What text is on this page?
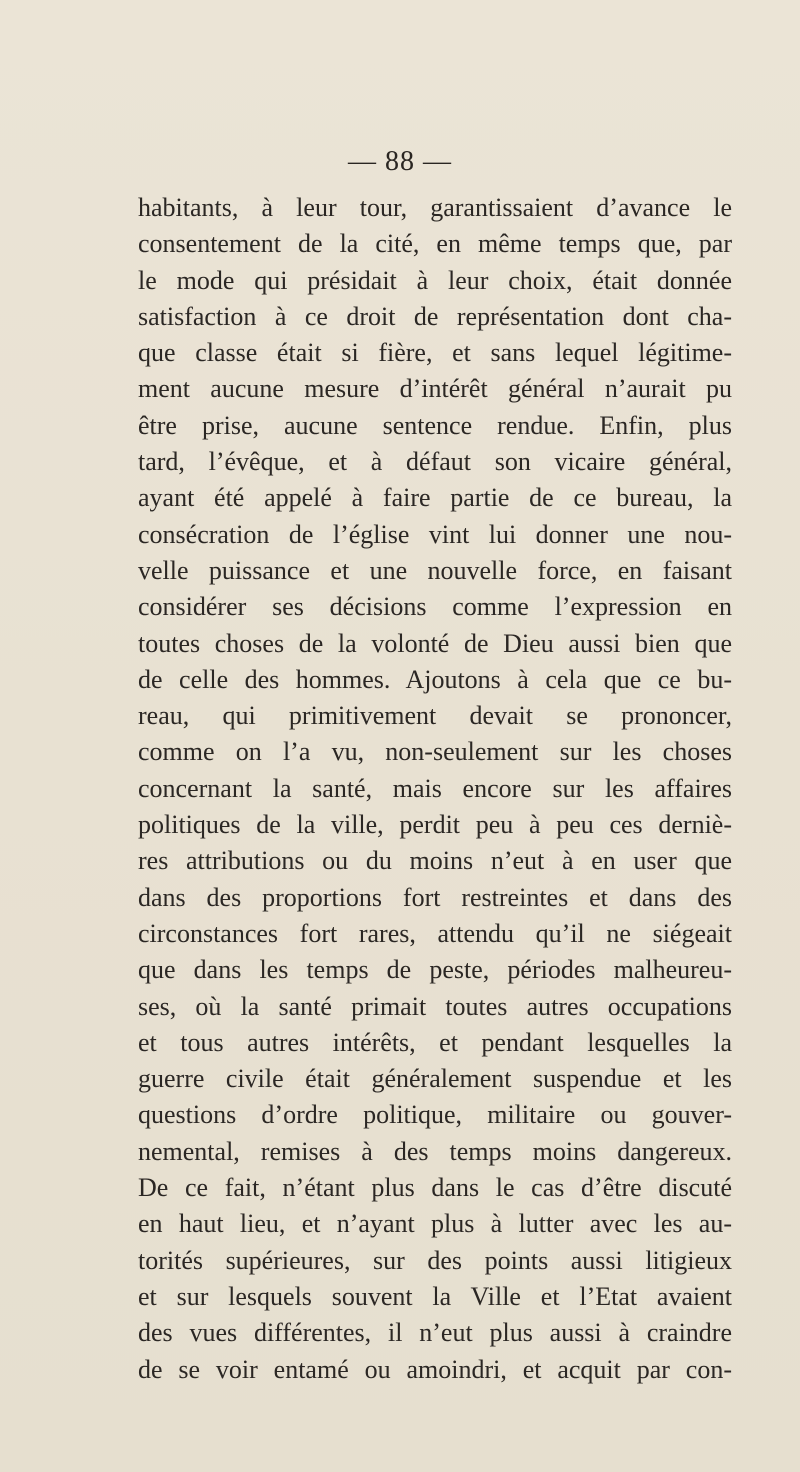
— 88 —
habitants, à leur tour, garantissaient d’avance le
consentement de la cité, en même temps que, par
le mode qui présidait à leur choix, était donnée
satisfaction à ce droit de représentation dont cha-
que classe était si fière, et sans lequel légitime-
ment aucune mesure d’intérêt général n’aurait pu
être prise, aucune sentence rendue. Enfin, plus
tard, l’évêque, et à défaut son vicaire général,
ayant été appelé à faire partie de ce bureau, la
consécration de l’église vint lui donner une nou-
velle puissance et une nouvelle force, en faisant
considérer ses décisions comme l’expression en
toutes choses de la volonté de Dieu aussi bien que
de celle des hommes. Ajoutons à cela que ce bu-
reau, qui primitivement devait se prononcer,
comme on l’a vu, non-seulement sur les choses
concernant la santé, mais encore sur les affaires
politiques de la ville, perdit peu à peu ces derniè-
res attributions ou du moins n’eut à en user que
dans des proportions fort restreintes et dans des
circonstances fort rares, attendu qu’il ne siégeait
que dans les temps de peste, périodes malheureu-
ses, où la santé primait toutes autres occupations
et tous autres intérêts, et pendant lesquelles la
guerre civile était généralement suspendue et les
questions d’ordre politique, militaire ou gouver-
nemental, remises à des temps moins dangereux.
De ce fait, n’étant plus dans le cas d’être discuté
en haut lieu, et n’ayant plus à lutter avec les au-
torités supérieures, sur des points aussi litigieux
et sur lesquels souvent la Ville et l’Etat avaient
des vues différentes, il n’eut plus aussi à craindre
de se voir entamé ou amoindri, et acquit par con-
